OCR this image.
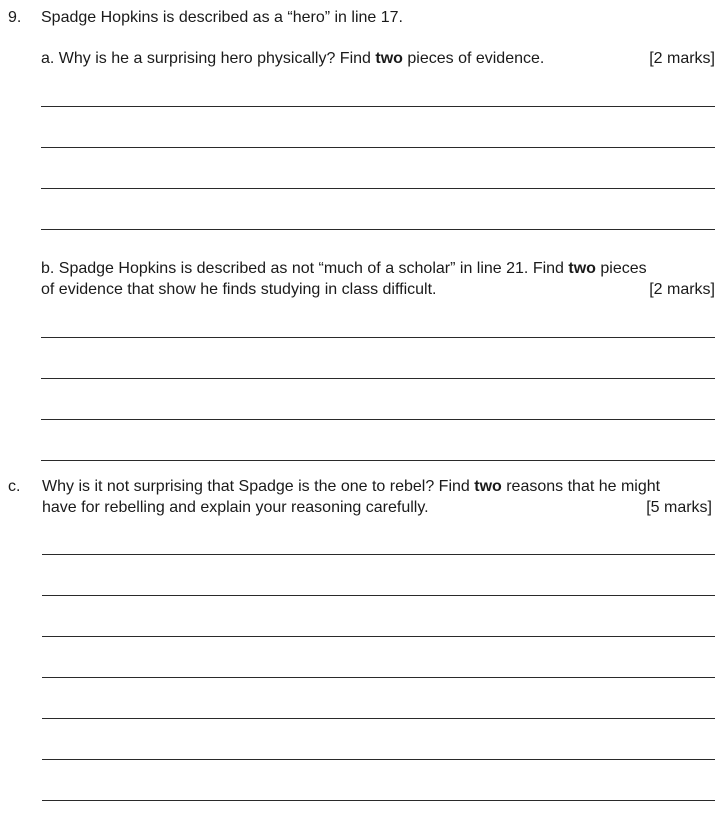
9. Spadge Hopkins is described as a “hero” in line 17.
a. Why is he a surprising hero physically? Find two pieces of evidence.	[2 marks]
b. Spadge Hopkins is described as not “much of a scholar” in line 21. Find two pieces
of evidence that show he finds studying in class difficult.	[2 marks]
c. Why is it not surprising that Spadge is the one to rebel? Find two reasons that he might
have for rebelling and explain your reasoning carefully.	[5 marks]
